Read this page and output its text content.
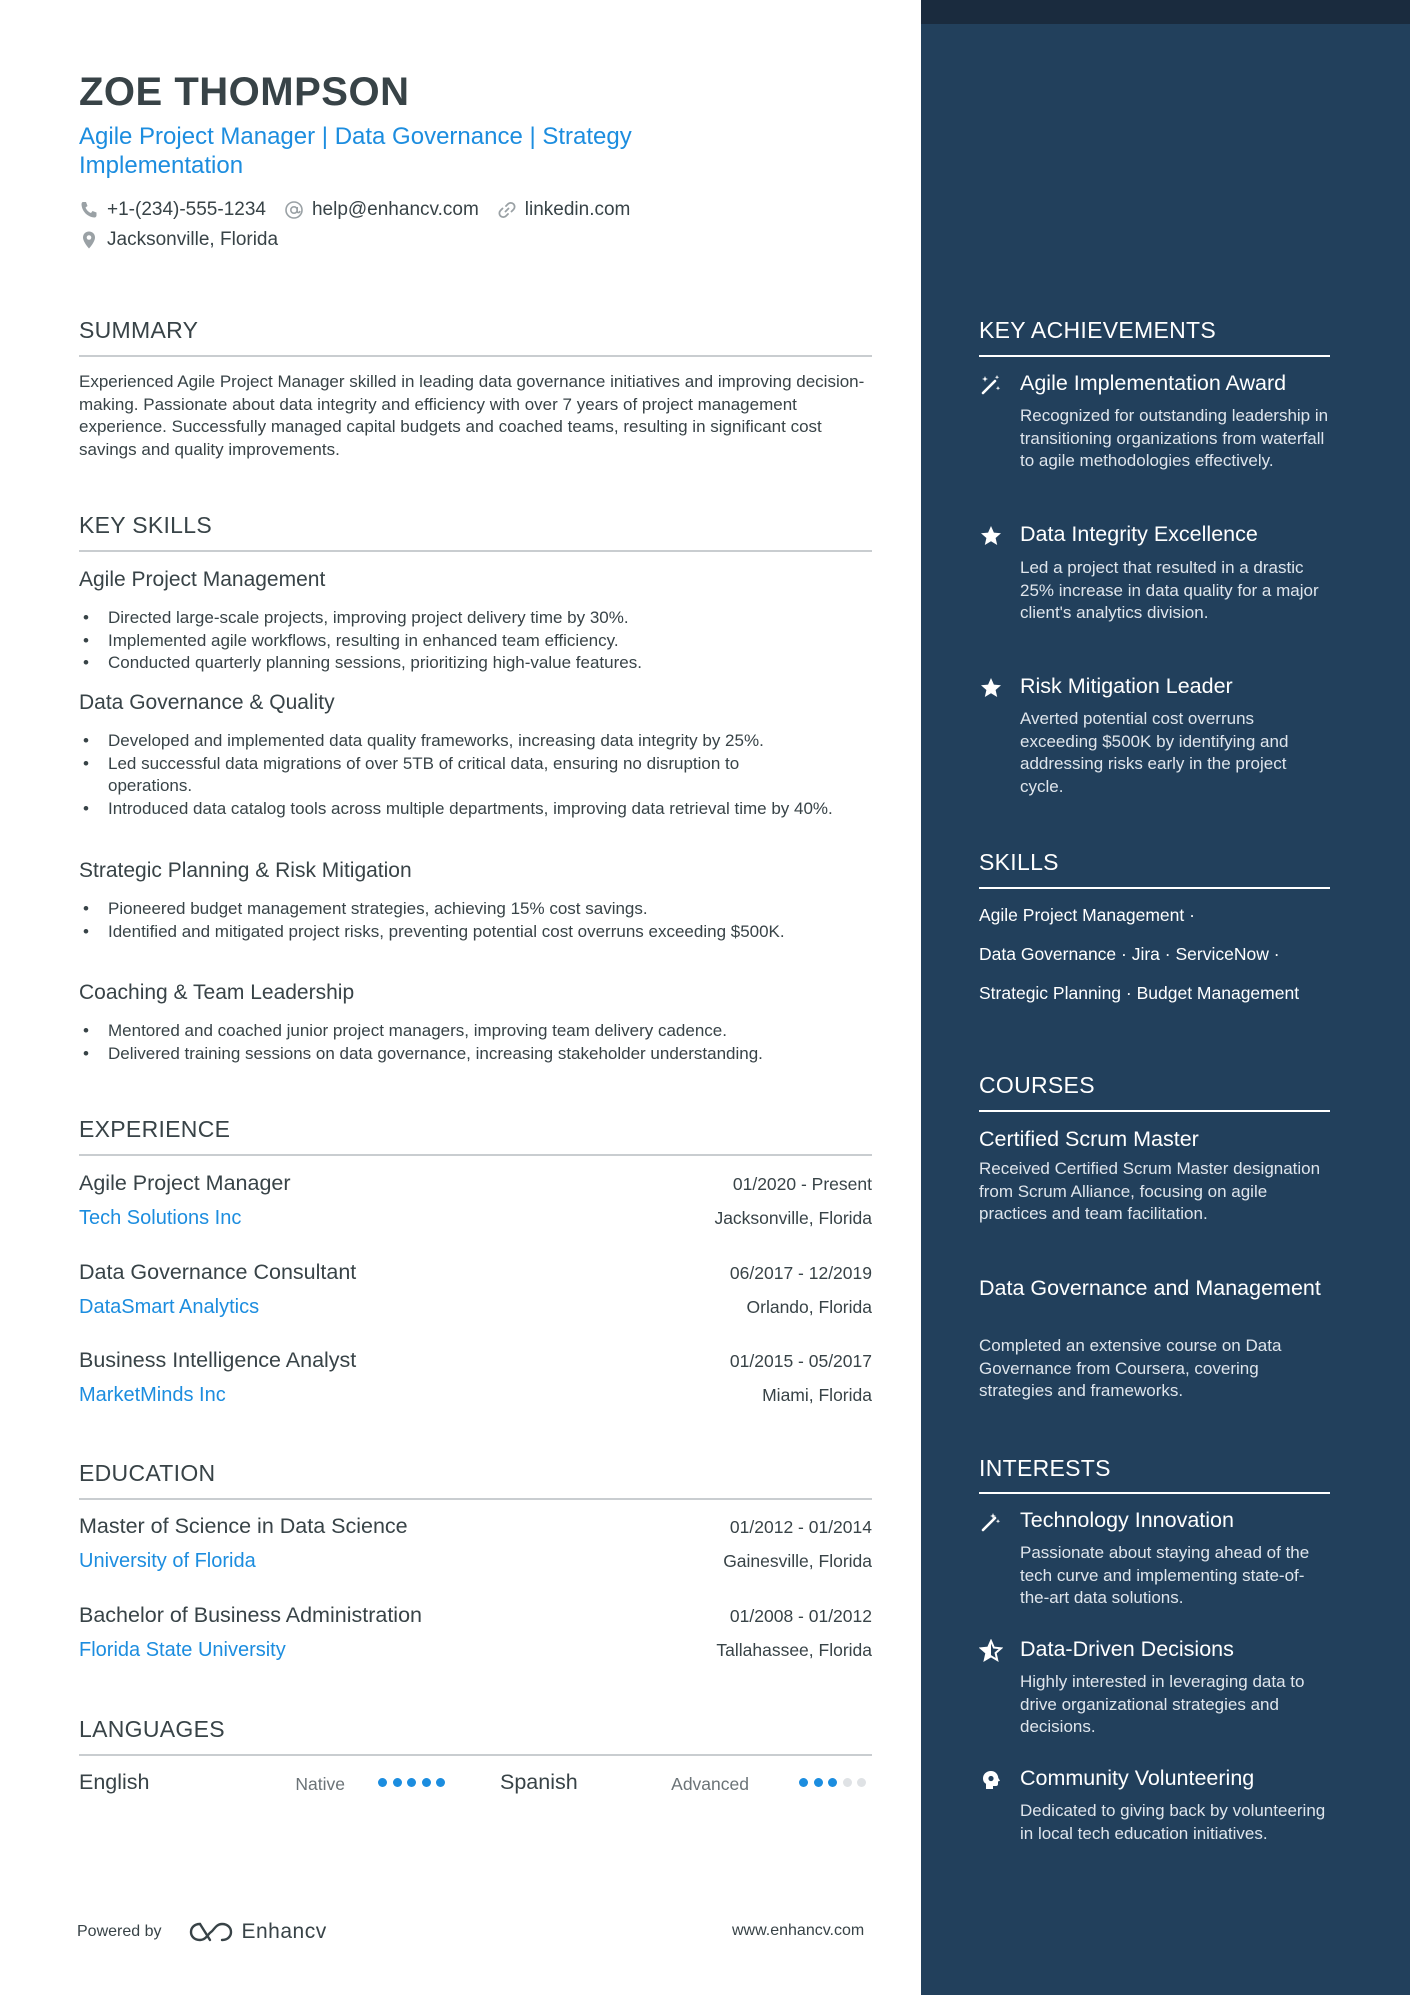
ZOE THOMPSON
Agile Project Manager | Data Governance | Strategy Implementation
+1-(234)-555-1234 help@enhancv.com linkedin.com
Jacksonville, Florida
SUMMARY
Experienced Agile Project Manager skilled in leading data governance initiatives and improving decision-making. Passionate about data integrity and efficiency with over 7 years of project management experience. Successfully managed capital budgets and coached teams, resulting in significant cost savings and quality improvements.
KEY SKILLS
Agile Project Management
• Directed large-scale projects, improving project delivery time by 30%.
• Implemented agile workflows, resulting in enhanced team efficiency.
• Conducted quarterly planning sessions, prioritizing high-value features.
Data Governance & Quality
• Developed and implemented data quality frameworks, increasing data integrity by 25%.
• Led successful data migrations of over 5TB of critical data, ensuring no disruption to operations.
• Introduced data catalog tools across multiple departments, improving data retrieval time by 40%.
Strategic Planning & Risk Mitigation
• Pioneered budget management strategies, achieving 15% cost savings.
• Identified and mitigated project risks, preventing potential cost overruns exceeding $500K.
Coaching & Team Leadership
• Mentored and coached junior project managers, improving team delivery cadence.
• Delivered training sessions on data governance, increasing stakeholder understanding.
EXPERIENCE
Agile Project Manager	01/2020 - Present
Tech Solutions Inc	Jacksonville, Florida
Data Governance Consultant	06/2017 - 12/2019
DataSmart Analytics	Orlando, Florida
Business Intelligence Analyst	01/2015 - 05/2017
MarketMinds Inc	Miami, Florida
EDUCATION
Master of Science in Data Science	01/2012 - 01/2014
University of Florida	Gainesville, Florida
Bachelor of Business Administration	01/2008 - 01/2012
Florida State University	Tallahassee, Florida
LANGUAGES
English	Native	Spanish	Advanced
Powered by	Enhancv	www.enhancv.com
KEY ACHIEVEMENTS
Agile Implementation Award
Recognized for outstanding leadership in transitioning organizations from waterfall to agile methodologies effectively.
Data Integrity Excellence
Led a project that resulted in a drastic 25% increase in data quality for a major client's analytics division.
Risk Mitigation Leader
Averted potential cost overruns exceeding $500K by identifying and addressing risks early in the project cycle.
SKILLS
Agile Project Management ·
Data Governance · Jira · ServiceNow ·
Strategic Planning · Budget Management
COURSES
Certified Scrum Master
Received Certified Scrum Master designation from Scrum Alliance, focusing on agile practices and team facilitation.
Data Governance and Management
Completed an extensive course on Data Governance from Coursera, covering strategies and frameworks.
INTERESTS
Technology Innovation
Passionate about staying ahead of the tech curve and implementing state-of-the-art data solutions.
Data-Driven Decisions
Highly interested in leveraging data to drive organizational strategies and decisions.
Community Volunteering
Dedicated to giving back by volunteering in local tech education initiatives.
